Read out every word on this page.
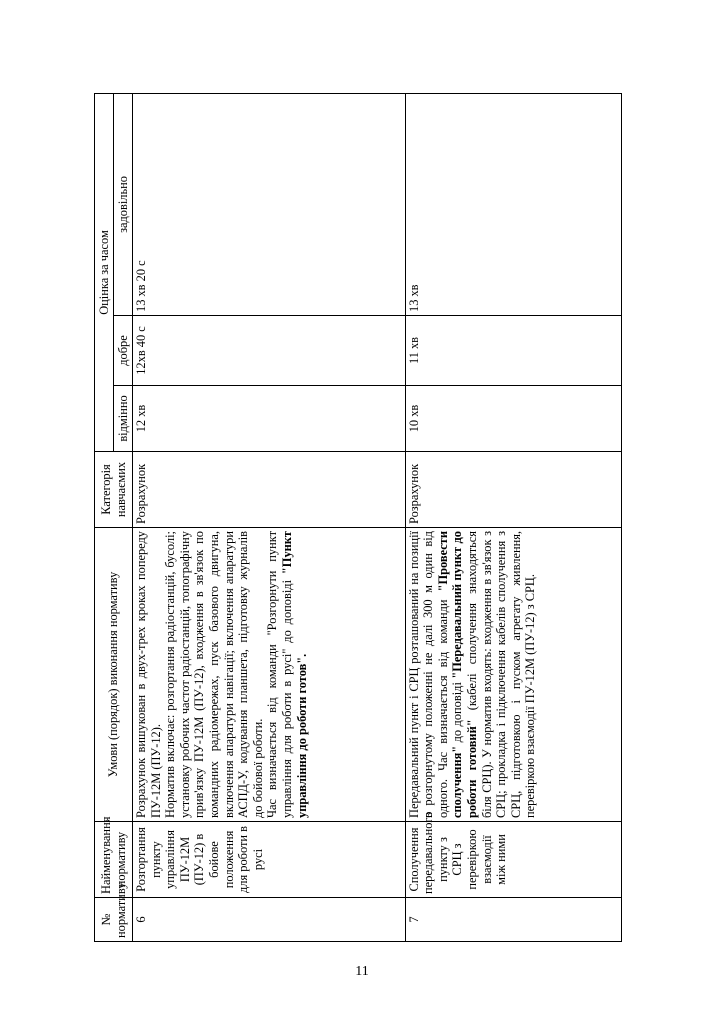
№ нормативу	Найменування нормативу	Умови (порядок) виконання нормативу	Категорія навчаємих	Оцінка за часом		
				відмінно	добре	задовільно
6	Розгортання пункту управління ПУ-12М (ПУ-12) в бойове положення для роботи в русі	Розрахунок вишукован в двух-трех кроках попереду ПУ-12М (ПУ-12). Норматив включає: розгортання радіостанцій, бусолі; установку робочих частот радіостанцій, топографічну прив'язку ПУ-12М (ПУ-12), входження в зв'язок по командних радіомережах, пуск базового двигуна, включення апаратури навігації; включення апаратури АСПД-У, кодування планшета, підготовку журналів до бойової роботи. Час визначається від команди "Розгорнути пункт управління для роботи в русі" до доповіді "Пункт управління до роботи готов".	Розрахунок	12 хв	12хв 40 с	13 хв 20 с
7	Сполучення передавального пункту з СРЦ з перевіркою взаємодії між ними	Передавальний пункт і СРЦ розташований на позиції в розгорнутому положенні не далі 300 м один від одного. Час визначається від команди "Провести сполучення" до доповіді "Передавальний пункт до роботи готовий" (кабелі сполучення знаходяться біля СРЦ). У норматив входять: входження в зв'язок з СРЦ; прокладка і підключення кабелів сполучення з СРЦ, підготовкою і пуском агрегату живлення, перевіркою взаємодії ПУ-12М (ПУ-12) з СРЦ.	Розрахунок	10 хв	11 хв	13 хв
11
